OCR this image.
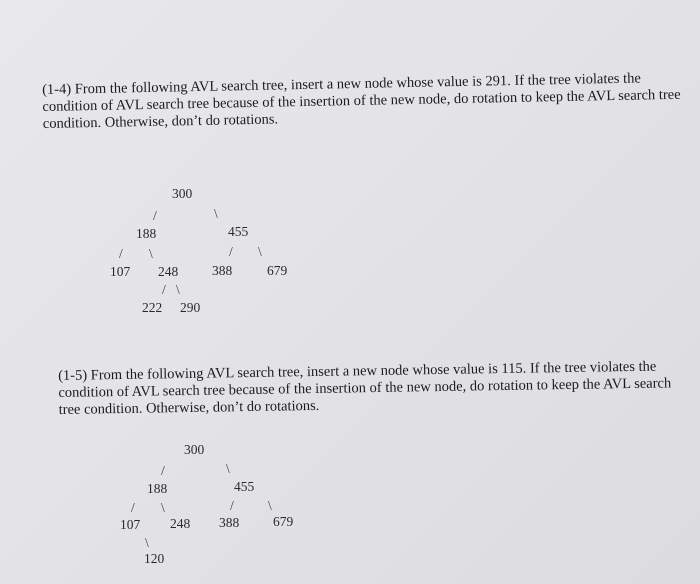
(1-4) From the following AVL search tree, insert a new node whose value is 291. If the tree violates the condition of AVL search tree because of the insertion of the new node, do rotation to keep the AVL search tree condition. Otherwise, don’t do rotations.

300
/	\
188	455
/ \	/ \
107 248	388	679
/ \
222 290

(1-5) From the following AVL search tree, insert a new node whose value is 115. If the tree violates the condition of AVL search tree because of the insertion of the new node, do rotation to keep the AVL search tree condition. Otherwise, don’t do rotations.

300
/	\
188	455
/ \	/	\
107 248 388	679
\
120
